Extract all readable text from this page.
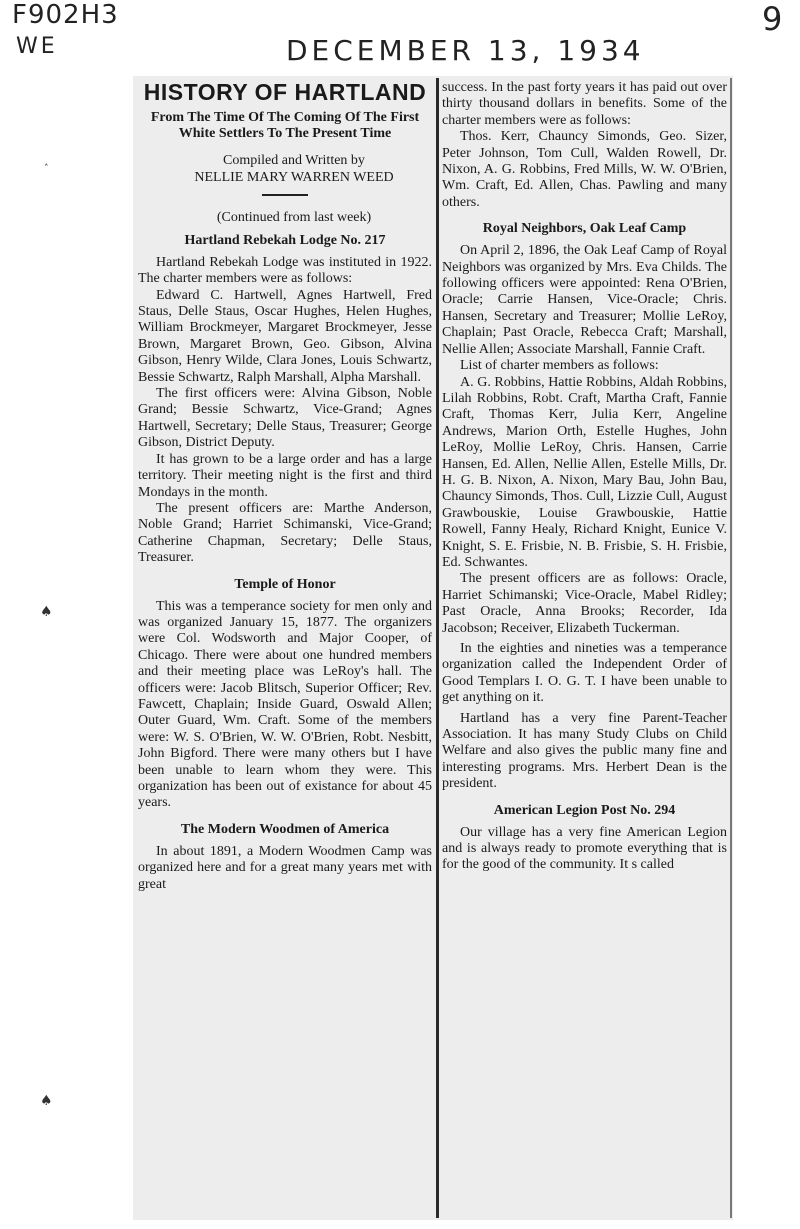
F902H3
WE	DECEMBER 13, 1934
9
˰
♠
♠
HISTORY OF HARTLAND
From The Time Of The Coming Of The First White Settlers To The Present Time

Compiled and Written by

NELLIE MARY WARREN WEED

(Continued from last week)

Hartland Rebekah Lodge No. 217

Hartland Rebekah Lodge was instituted in 1922. The charter members were as follows:

Edward C. Hartwell, Agnes Hartwell, Fred Staus, Delle Staus, Oscar Hughes, Helen Hughes, William Brockmeyer, Margaret Brockmeyer, Jesse Brown, Margaret Brown, Geo. Gibson, Alvina Gibson, Henry Wilde, Clara Jones, Louis Schwartz, Bessie Schwartz, Ralph Marshall, Alpha Marshall.

The first officers were: Alvina Gibson, Noble Grand; Bessie Schwartz, Vice-Grand; Agnes Hartwell, Secretary; Delle Staus, Treasurer; George Gibson, District Deputy.

It has grown to be a large order and has a large territory. Their meeting night is the first and third Mondays in the month.

The present officers are: Marthe Anderson, Noble Grand; Harriet Schimanski, Vice-Grand; Catherine Chapman, Secretary; Delle Staus, Treasurer.

Temple of Honor

This was a temperance society for men only and was organized January 15, 1877. The organizers were Col. Wodsworth and Major Cooper, of Chicago. There were about one hundred members and their meeting place was LeRoy's hall. The officers were: Jacob Blitsch, Superior Officer; Rev. Fawcett, Chaplain; Inside Guard, Oswald Allen; Outer Guard, Wm. Craft. Some of the members were: W. S. O'Brien, W. W. O'Brien, Robt. Nesbitt, John Bigford. There were many others but I have been unable to learn whom they were. This organization has been out of existance for about 45 years.

The Modern Woodmen of America

In about 1891, a Modern Woodmen Camp was organized here and for a great many years met with great

success. In the past forty years it has paid out over thirty thousand dollars in benefits. Some of the charter members were as follows:

Thos. Kerr, Chauncy Simonds, Geo. Sizer, Peter Johnson, Tom Cull, Walden Rowell, Dr. Nixon, A. G. Robbins, Fred Mills, W. W. O'Brien, Wm. Craft, Ed. Allen, Chas. Pawling and many others.

Royal Neighbors, Oak Leaf Camp

On April 2, 1896, the Oak Leaf Camp of Royal Neighbors was organized by Mrs. Eva Childs. The following officers were appointed: Rena O'Brien, Oracle; Carrie Hansen, Vice-Oracle; Chris. Hansen, Secretary and Treasurer; Mollie LeRoy, Chaplain; Past Oracle, Rebecca Craft; Marshall, Nellie Allen; Associate Marshall, Fannie Craft.

List of charter members as follows:

A. G. Robbins, Hattie Robbins, Aldah Robbins, Lilah Robbins, Robt. Craft, Martha Craft, Fannie Craft, Thomas Kerr, Julia Kerr, Angeline Andrews, Marion Orth, Estelle Hughes, John LeRoy, Mollie LeRoy, Chris. Hansen, Carrie Hansen, Ed. Allen, Nellie Allen, Estelle Mills, Dr. H. G. B. Nixon, A. Nixon, Mary Bau, John Bau, Chauncy Simonds, Thos. Cull, Lizzie Cull, August Grawbouskie, Louise Grawbouskie, Hattie Rowell, Fanny Healy, Richard Knight, Eunice V. Knight, S. E. Frisbie, N. B. Frisbie, S. H. Frisbie, Ed. Schwantes.

The present officers are as follows: Oracle, Harriet Schimanski; Vice-Oracle, Mabel Ridley; Past Oracle, Anna Brooks; Recorder, Ida Jacobson; Receiver, Elizabeth Tuckerman.

In the eighties and nineties was a temperance organization called the Independent Order of Good Templars I. O. G. T. I have been unable to get anything on it.

Hartland has a very fine Parent-Teacher Association. It has many Study Clubs on Child Welfare and also gives the public many fine and interesting programs. Mrs. Herbert Dean is the president.

American Legion Post No. 294

Our village has a very fine American Legion and is always ready to promote everything that is for the good of the community. It s called
